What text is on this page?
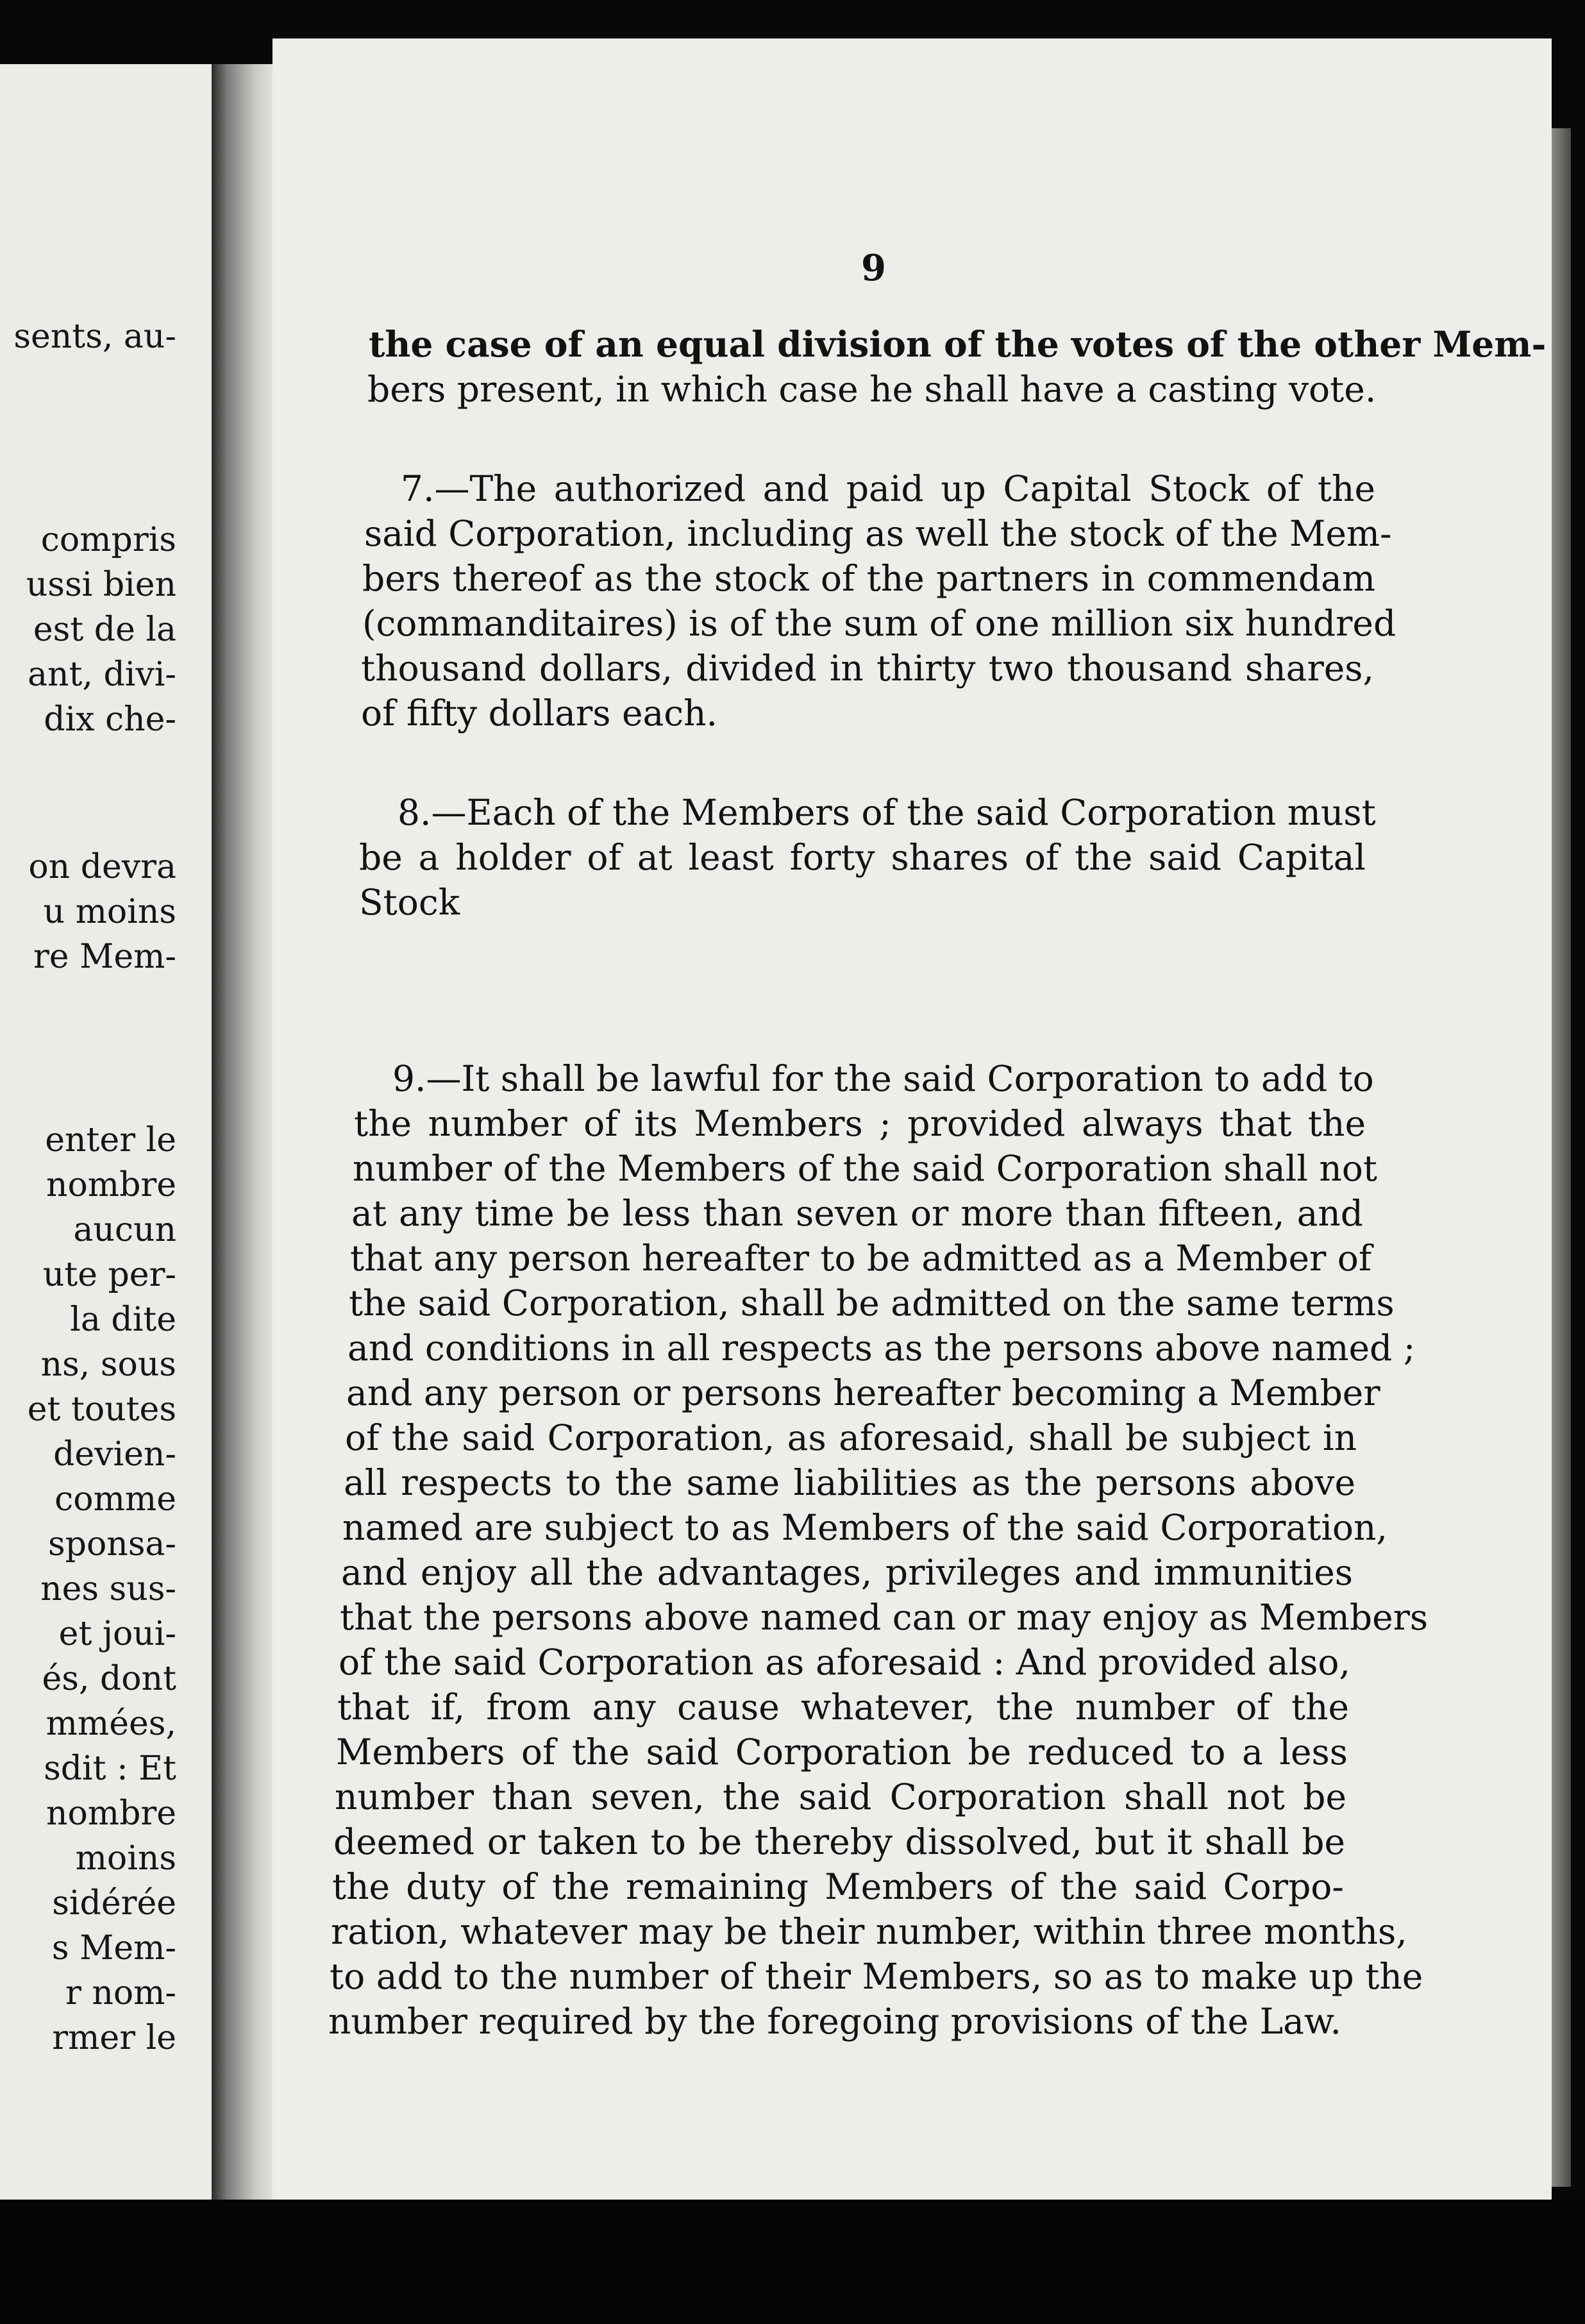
sents, au-
compris
ussi bien
est de la
ant, divi-
dix che-
on devra
u moins
re Mem-
enter le
nombre
aucun
ute per-
la dite
ns, sous
et toutes
devien-
comme
sponsa-
nes sus-
et joui-
és, dont
mmées,
sdit : Et
nombre
moins
sidérée
s Mem-
r nom-
rmer le
9
the case of an equal division of the votes of the other Mem-
bers present, in which case he shall have a casting vote.
7.—The authorized and paid up Capital Stock of the
said Corporation, including as well the stock of the Mem-
bers thereof as the stock of the partners in commendam
(commanditaires) is of the sum of one million six hundred
thousand dollars, divided in thirty two thousand shares,
of fifty dollars each.
8.—Each of the Members of the said Corporation must
be a holder of at least forty shares of the said Capital
Stock
9.—It shall be lawful for the said Corporation to add to
the number of its Members ; provided always that the
number of the Members of the said Corporation shall not
at any time be less than seven or more than fifteen, and
that any person hereafter to be admitted as a Member of
the said Corporation, shall be admitted on the same terms
and conditions in all respects as the persons above named ;
and any person or persons hereafter becoming a Member
of the said Corporation, as aforesaid, shall be subject in
all respects to the same liabilities as the persons above
named are subject to as Members of the said Corporation,
and enjoy all the advantages, privileges and immunities
that the persons above named can or may enjoy as Members
of the said Corporation as aforesaid : And provided also,
that if, from any cause whatever, the number of the
Members of the said Corporation be reduced to a less
number than seven, the said Corporation shall not be
deemed or taken to be thereby dissolved, but it shall be
the duty of the remaining Members of the said Corpo-
ration, whatever may be their number, within three months,
to add to the number of their Members, so as to make up the
number required by the foregoing provisions of the Law.
